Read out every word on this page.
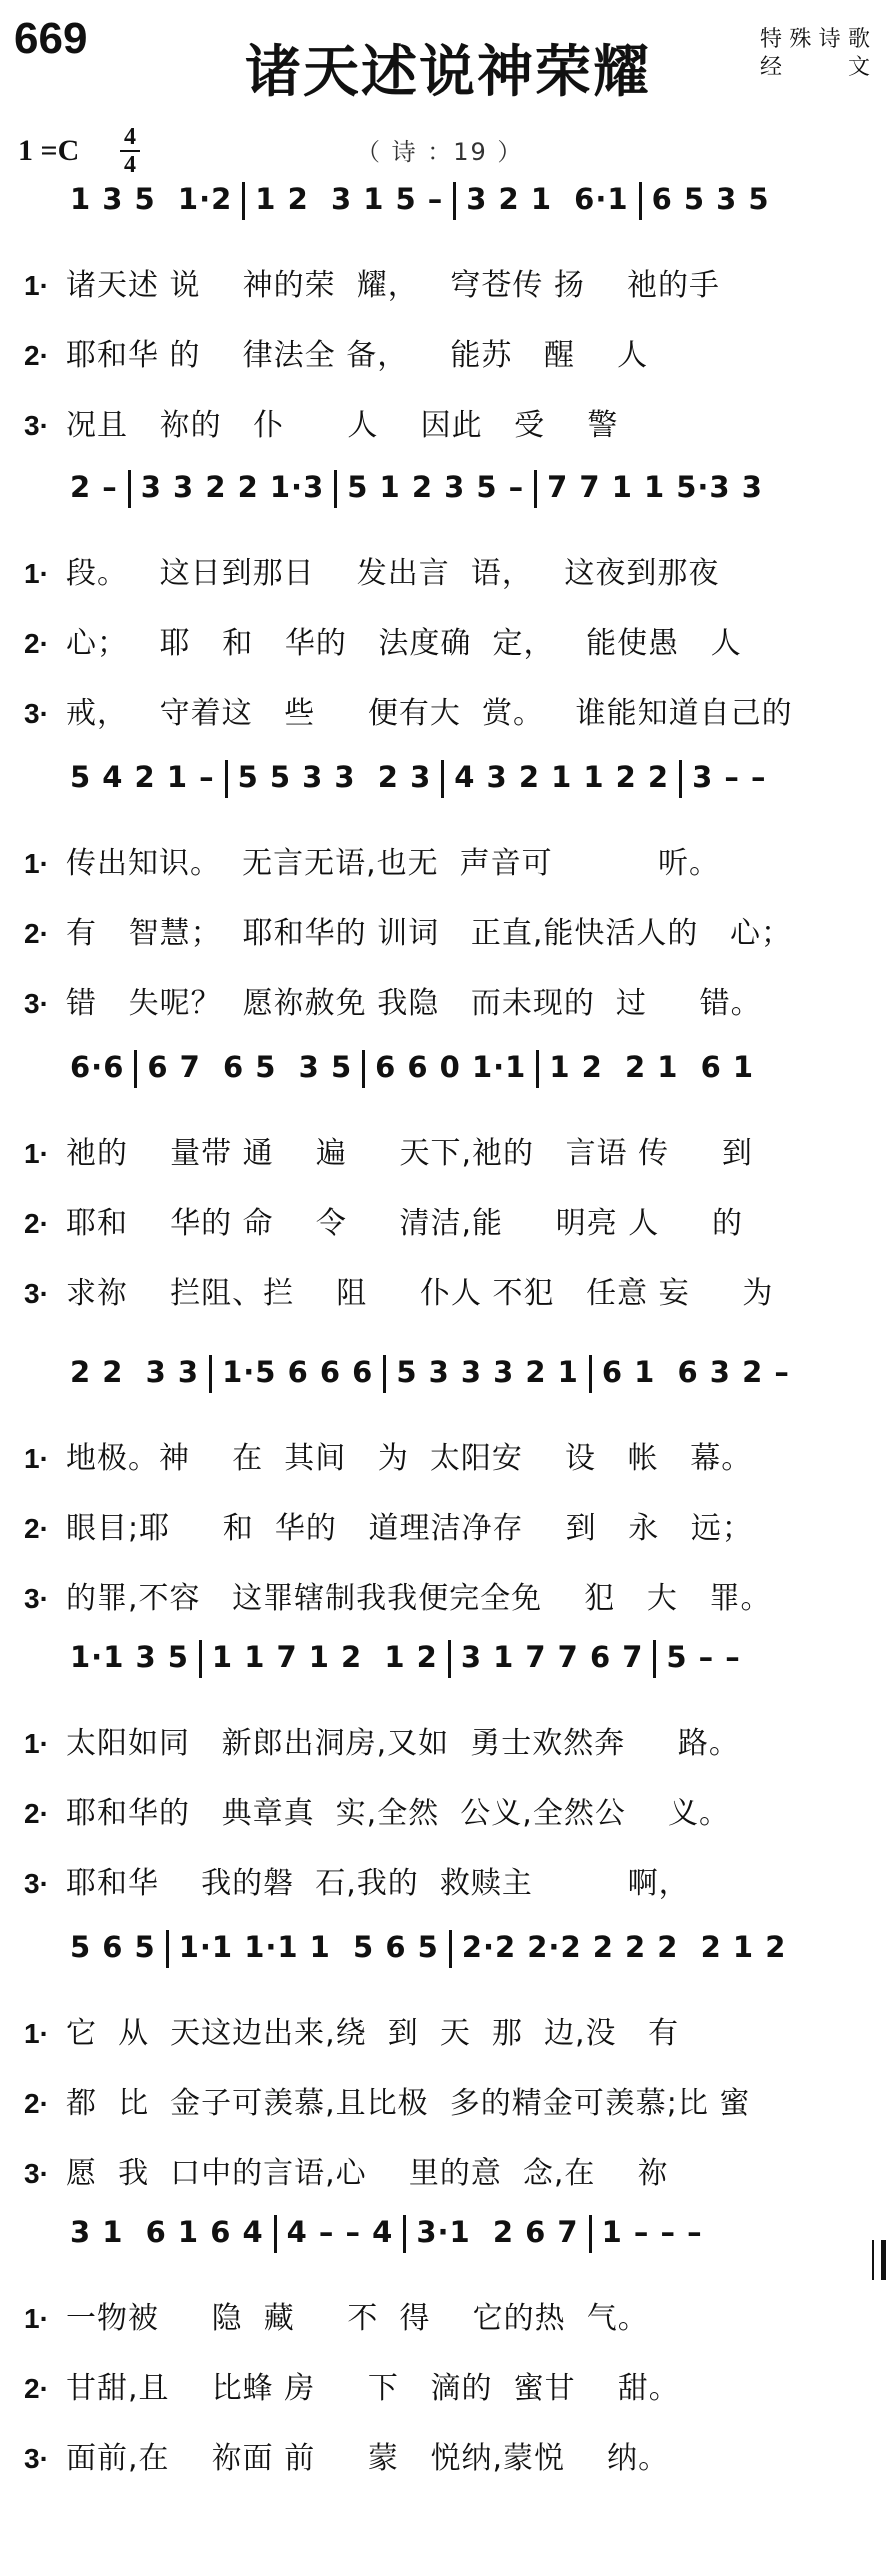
669
诸天述说神荣耀
特殊诗歌
经　文
1 =C 4
4	（ 诗 ：19 ）
1 3 5  1·2 1 2  3 1 5 – 3 2 1  6·1 6 5 3 5
1· 诸天述 说    神的荣  耀，   穹苍传 扬    祂的手
2· 耶和华 的    律法全 备，    能苏   醒    人
3· 况且   祢的   仆      人    因此   受    警
2 – 3 3 2 2 1·3 5 1 2 3 5 – 7 7 1 1 5·3 3
1· 段。   这日到那日    发出言  语，   这夜到那夜
2· 心；   耶   和   华的   法度确  定，   能使愚   人
3· 戒，   守着这   些     便有大  赏。   谁能知道自己的
5 4 2 1 – 5 5 3 3  2 3 4 3 2 1 1 2 2 3 – –
1· 传出知识。  无言无语,也无  声音可          听。
2· 有   智慧；  耶和华的 训词   正直,能快活人的   心；
3· 错   失呢？  愿祢赦免 我隐   而未现的  过     错。
6·6 6 7  6 5  3 5 6 6 0 1·1 1 2  2 1  6 1
1· 祂的    量带 通    遍     天下,祂的   言语 传     到
2· 耶和    华的 命    令     清洁,能     明亮 人     的
3· 求祢    拦阻、拦    阻     仆人 不犯   任意 妄     为
2 2  3 3 1·5 6 6 6 5 3 3 3 2 1 6 1  6 3 2 –
1· 地极。神    在  其间   为  太阳安    设   帐   幕。
2· 眼目;耶     和  华的   道理洁净存    到   永   远；
3· 的罪,不容   这罪辖制我我便完全免    犯   大   罪。
1·1 3 5 1 1 7 1 2  1 2 3 1 7 7 6 7 5 – –
1· 太阳如同   新郎出洞房,又如  勇士欢然奔     路。
2· 耶和华的   典章真  实,全然  公义,全然公    义。
3· 耶和华    我的磐  石,我的  救赎主         啊，
5 6 5 1·1 1·1 1  5 6 5 2·2 2·2 2 2 2  2 1 2
1· 它  从  天这边出来,绕  到  天  那  边,没   有
2· 都  比  金子可羡慕,且比极  多的精金可羡慕;比 蜜
3· 愿  我  口中的言语,心    里的意  念,在    祢
3 1  6 1 6 4 4 – – 4 3·1  2 6 7 1 – – –
1· 一物被     隐  藏     不  得    它的热  气。
2· 甘甜,且    比蜂 房     下   滴的  蜜甘    甜。
3· 面前,在    祢面 前     蒙   悦纳,蒙悦    纳。
